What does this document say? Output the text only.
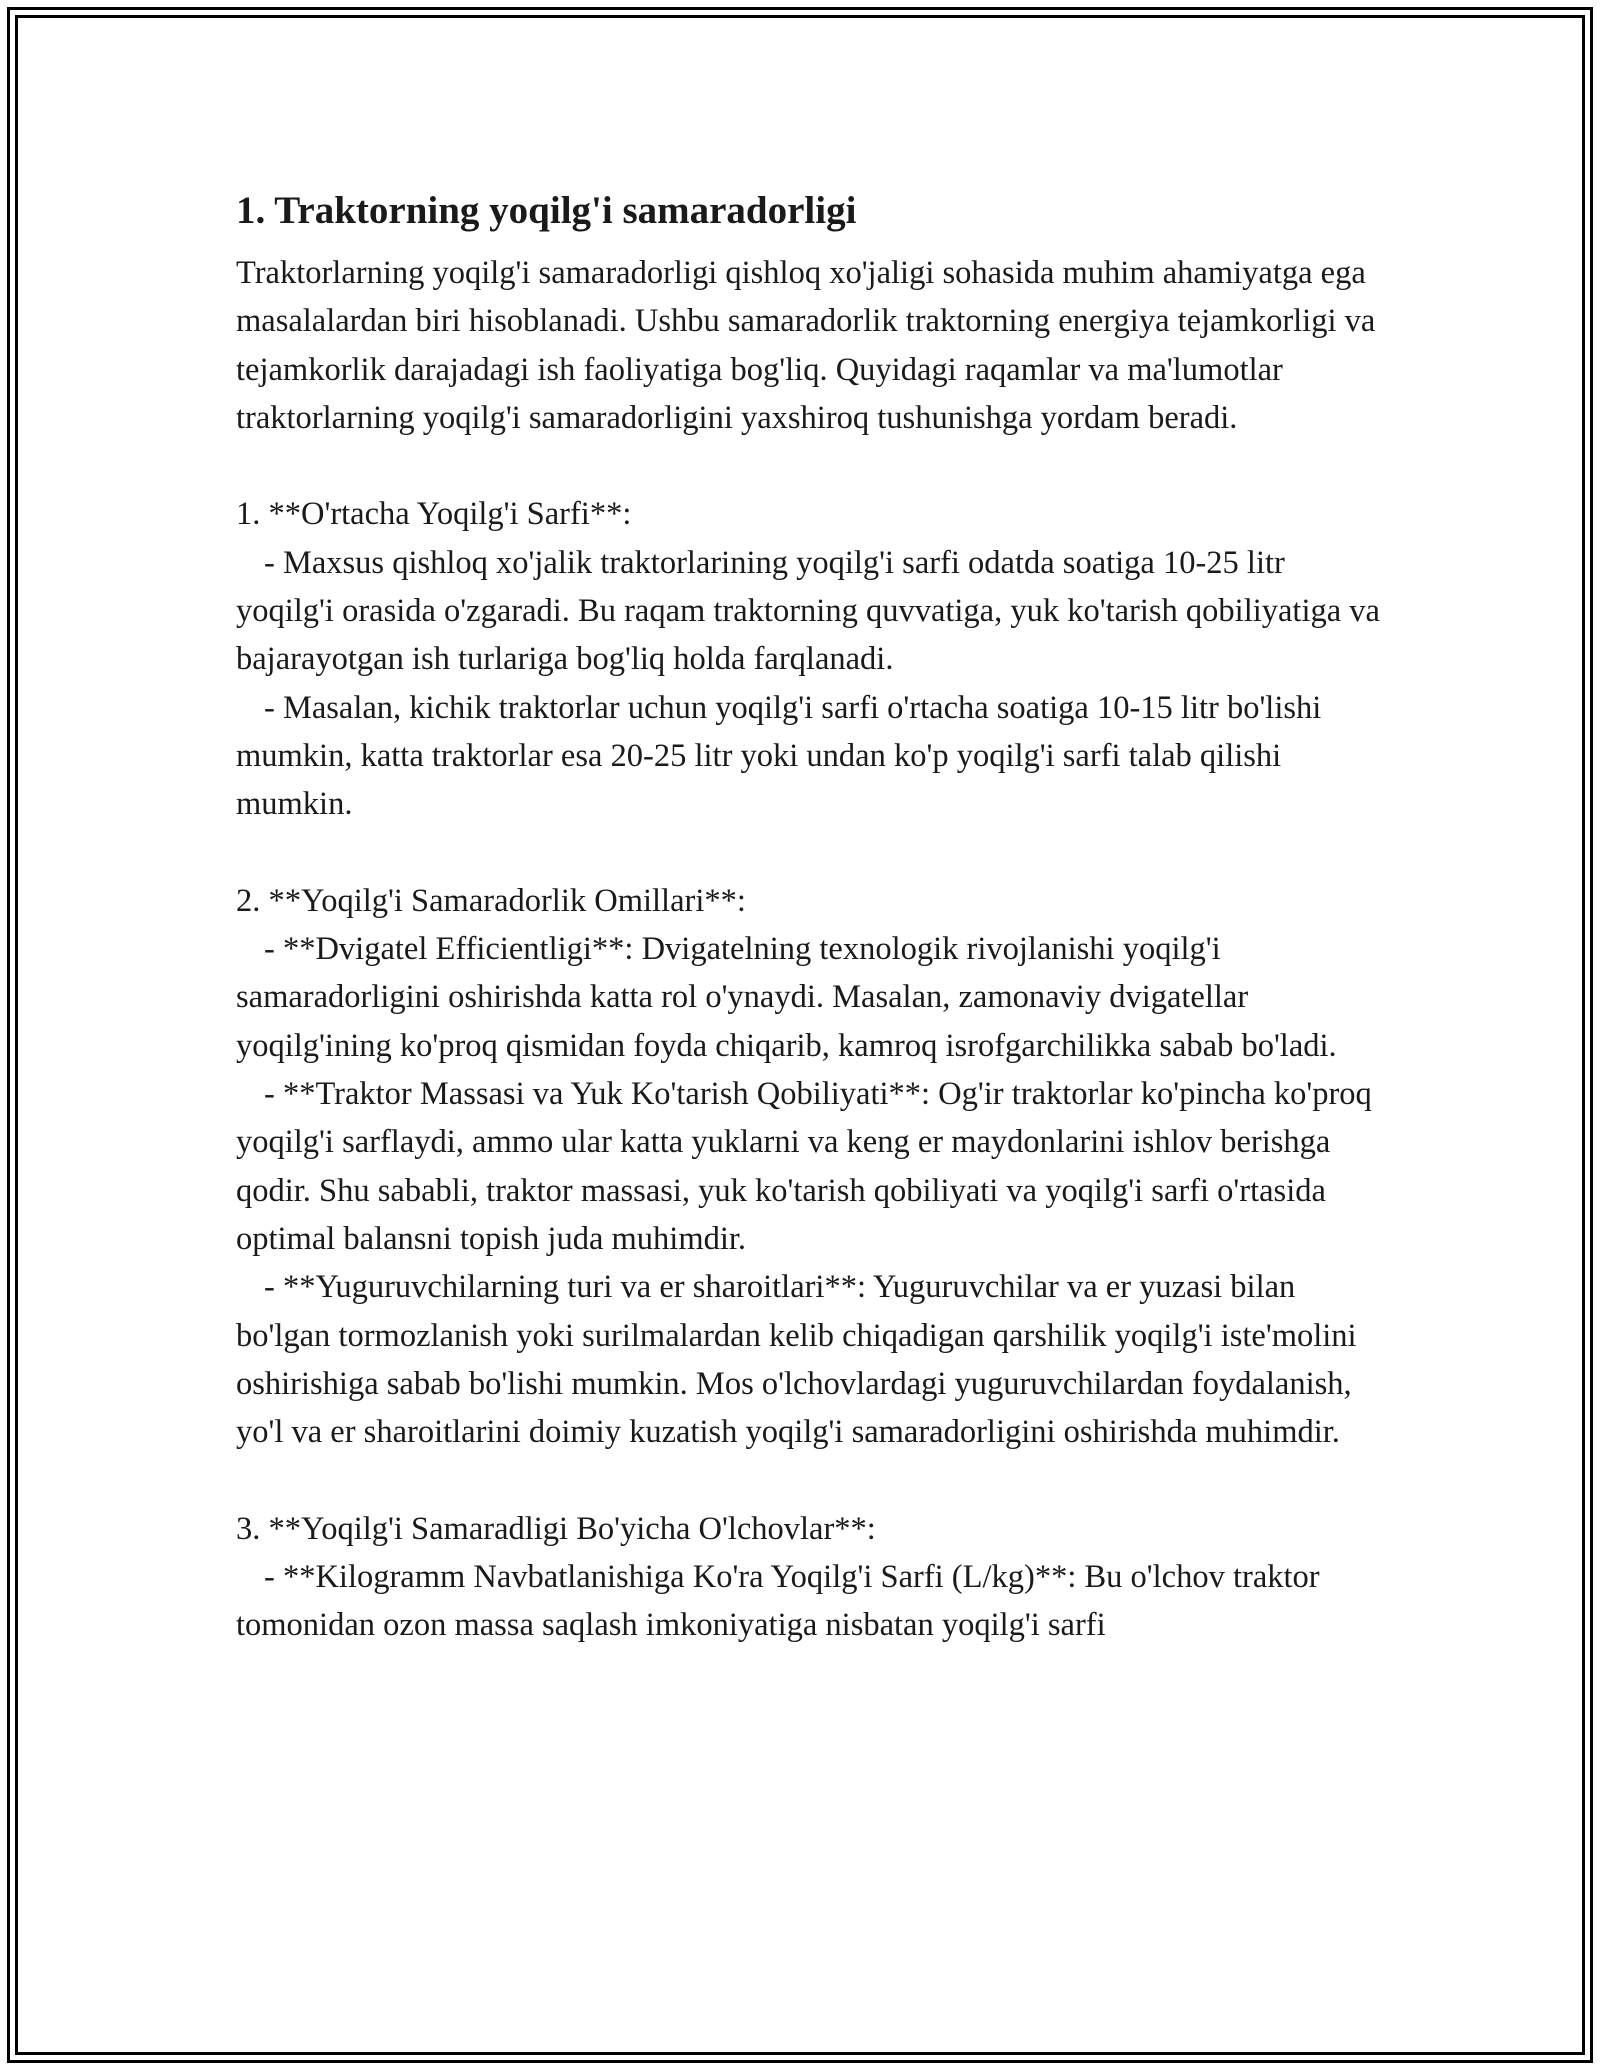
1. Traktorning yoqilg'i samaradorligi

Traktorlarning yoqilg'i samaradorligi qishloq xo'jaligi sohasida muhim ahamiyatga ega masalalardan biri hisoblanadi. Ushbu samaradorlik traktorning energiya tejamkorligi va tejamkorlik darajadagi ish faoliyatiga bog'liq. Quyidagi raqamlar va ma'lumotlar traktorlarning yoqilg'i samaradorligini yaxshiroq tushunishga yordam beradi.

1. **O'rtacha Yoqilg'i Sarfi**:

- Maxsus qishloq xo'jalik traktorlarining yoqilg'i sarfi odatda soatiga 10-25 litr yoqilg'i orasida o'zgaradi. Bu raqam traktorning quvvatiga, yuk ko'tarish qobiliyatiga va bajarayotgan ish turlariga bog'liq holda farqlanadi.

- Masalan, kichik traktorlar uchun yoqilg'i sarfi o'rtacha soatiga 10-15 litr bo'lishi mumkin, katta traktorlar esa 20-25 litr yoki undan ko'p yoqilg'i sarfi talab qilishi mumkin.

2. **Yoqilg'i Samaradorlik Omillari**:

- **Dvigatel Efficientligi**: Dvigatelning texnologik rivojlanishi yoqilg'i samaradorligini oshirishda katta rol o'ynaydi. Masalan, zamonaviy dvigatellar yoqilg'ining ko'proq qismidan foyda chiqarib, kamroq isrofgarchilikka sabab bo'ladi.

- **Traktor Massasi va Yuk Ko'tarish Qobiliyati**: Og'ir traktorlar ko'pincha ko'proq yoqilg'i sarflaydi, ammo ular katta yuklarni va keng er maydonlarini ishlov berishga qodir. Shu sababli, traktor massasi, yuk ko'tarish qobiliyati va yoqilg'i sarfi o'rtasida optimal balansni topish juda muhimdir.

- **Yuguruvchilarning turi va er sharoitlari**: Yuguruvchilar va er yuzasi bilan bo'lgan tormozlanish yoki surilmalardan kelib chiqadigan qarshilik yoqilg'i iste'molini oshirishiga sabab bo'lishi mumkin. Mos o'lchovlardagi yuguruvchilardan foydalanish, yo'l va er sharoitlarini doimiy kuzatish yoqilg'i samaradorligini oshirishda muhimdir.

3. **Yoqilg'i Samaradligi Bo'yicha O'lchovlar**:

- **Kilogramm Navbatlanishiga Ko'ra Yoqilg'i Sarfi (L/kg)**: Bu o'lchov traktor tomonidan ozon massa saqlash imkoniyatiga nisbatan yoqilg'i sarfi
